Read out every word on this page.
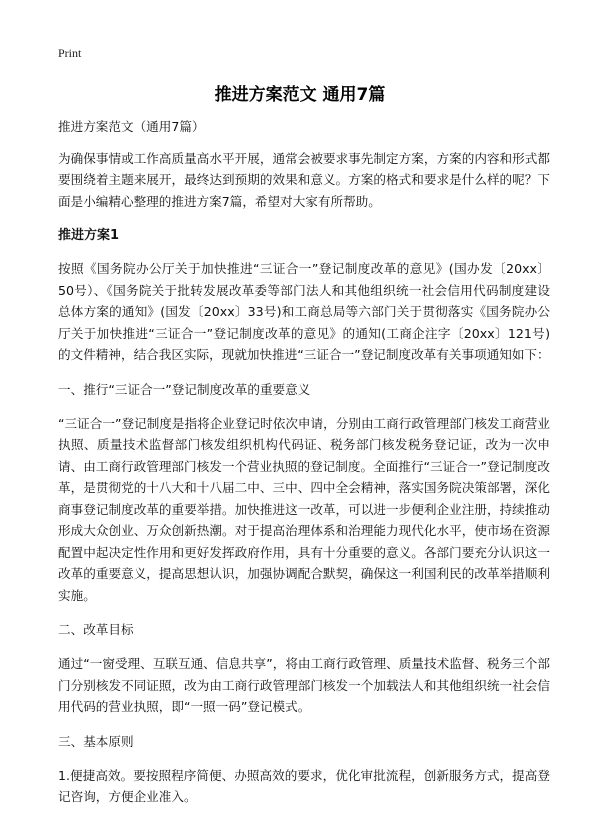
Print
推进方案范文 通用7篇
推进方案范文（通用7篇）
为确保事情或工作高质量高水平开展，通常会被要求事先制定方案，方案的内容和形式都要围绕着主题来展开，最终达到预期的效果和意义。方案的格式和要求是什么样的呢？下面是小编精心整理的推进方案7篇，希望对大家有所帮助。
推进方案1
按照《国务院办公厅关于加快推进“三证合一”登记制度改革的意见》(国办发〔20xx〕50号）、《国务院关于批转发展改革委等部门法人和其他组织统一社会信用代码制度建设总体方案的通知》(国发〔20xx〕33号)和工商总局等六部门关于贯彻落实《国务院办公厅关于加快推进“三证合一”登记制度改革的意见》的通知(工商企注字〔20xx〕121号)的文件精神，结合我区实际，现就加快推进“三证合一”登记制度改革有关事项通知如下：
一、推行“三证合一”登记制度改革的重要意义
“三证合一”登记制度是指将企业登记时依次申请，分别由工商行政管理部门核发工商营业执照、质量技术监督部门核发组织机构代码证、税务部门核发税务登记证，改为一次申请、由工商行政管理部门核发一个营业执照的登记制度。全面推行“三证合一”登记制度改革，是贯彻党的十八大和十八届二中、三中、四中全会精神，落实国务院决策部署，深化商事登记制度改革的重要举措。加快推进这一改革，可以进一步便利企业注册，持续推动形成大众创业、万众创新热潮。对于提高治理体系和治理能力现代化水平，使市场在资源配置中起决定性作用和更好发挥政府作用，具有十分重要的意义。各部门要充分认识这一改革的重要意义，提高思想认识，加强协调配合默契，确保这一利国利民的改革举措顺利实施。
二、改革目标
通过“一窗受理、互联互通、信息共享”，将由工商行政管理、质量技术监督、税务三个部门分别核发不同证照，改为由工商行政管理部门核发一个加载法人和其他组织统一社会信用代码的营业执照，即“一照一码”登记模式。
三、基本原则
1.便捷高效。要按照程序简便、办照高效的要求，优化审批流程，创新服务方式，提高登记咨询，方便企业准入。
